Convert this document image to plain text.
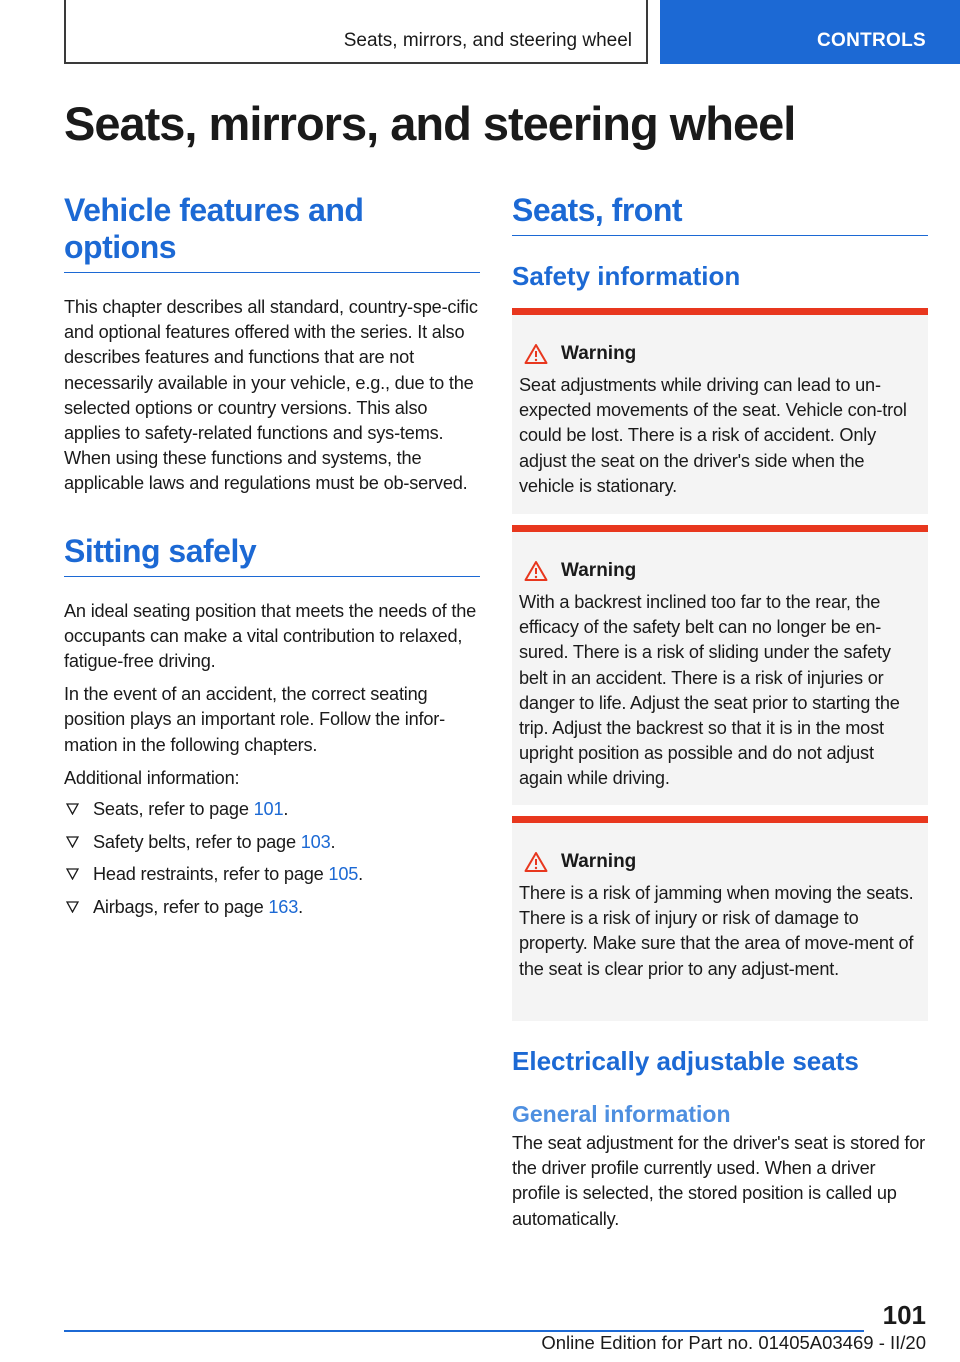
Seats, mirrors, and steering wheel	CONTROLS
Seats, mirrors, and steering wheel
Vehicle features and options

This chapter describes all standard, country-spe-cific and optional features offered with the series. It also describes features and functions that are not necessarily available in your vehicle, e.g., due to the selected options or country versions. This also applies to safety-related functions and sys-tems. When using these functions and systems, the applicable laws and regulations must be ob-served.

Sitting safely

An ideal seating position that meets the needs of the occupants can make a vital contribution to relaxed, fatigue-free driving.

In the event of an accident, the correct seating position plays an important role. Follow the infor-mation in the following chapters.

Additional information:

Seats, refer to page 101.
Safety belts, refer to page 103.
Head restraints, refer to page 105.
Airbags, refer to page 163.
Seats, front
Safety information
Warning

Seat adjustments while driving can lead to un-expected movements of the seat. Vehicle con-trol could be lost. There is a risk of accident. Only adjust the seat on the driver's side when the vehicle is stationary.

Warning

With a backrest inclined too far to the rear, the efficacy of the safety belt can no longer be en-sured. There is a risk of sliding under the safety belt in an accident. There is a risk of injuries or danger to life. Adjust the seat prior to starting the trip. Adjust the backrest so that it is in the most upright position as possible and do not adjust again while driving.

Warning

There is a risk of jamming when moving the seats. There is a risk of injury or risk of damage to property. Make sure that the area of move-ment of the seat is clear prior to any adjust-ment.

Electrically adjustable seats
General information

The seat adjustment for the driver's seat is stored for the driver profile currently used. When a driver profile is selected, the stored position is called up automatically.

101
Online Edition for Part no. 01405A03469 - II/20
